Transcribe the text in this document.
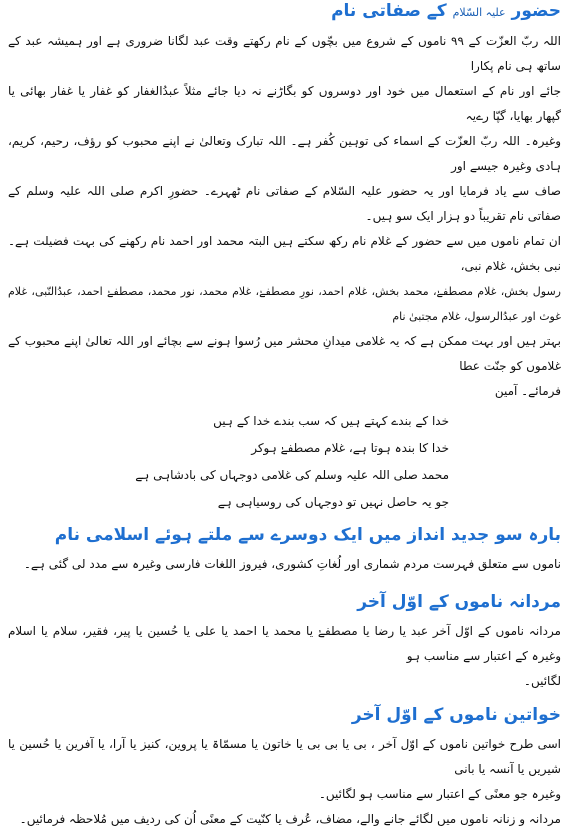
حضور علیہ السّلام کے صفاتی نام

اللہ ربّ العزّت کے ۹۹ ناموں کے شروع میں بچّوں کے نام رکھتے وقت عبد لگانا ضروری ہے اور ہمیشہ عبد کے ساتھ ہی نام پکارا

جائے اور نام کے استعمال میں خود اور دوسروں کو بگاڑنے نہ دیا جائے مثلاً عبدُالغفار کو غفار یا غفار بھائی یا گپھار بھایا، گپّا رےیہ

وغیرہ۔ اللہ ربّ العزّت کے اسماء کی توہین کُفر ہے۔ اللہ تبارک وتعالیٰ نے اپنے محبوب کو رؤف، رحیم، کریم، ہادی وغیرہ جیسے اور

صاف سے یاد فرمایا اور یہ حضور علیہ السّلام کے صفاتی نام ٹھہرے۔ حضورِ اکرم صلی اللہ علیہ وسلم کے صفاتی نام تقریباً دو ہزار ایک سو ہیں۔

ان تمام ناموں میں سے حضور کے غلام نام رکھ سکتے ہیں البتہ محمد اور احمد نام رکھنے کی بہت فضیلت ہے۔ نبی بخش، غلام نبی،

رسول بخش، غلام مصطفےٰ، محمد بخش، غلام احمد، نورِ مصطفےٰ، غلام محمد، نور محمد، مصطفےٰ احمد، عبدُالنّبی، غلام غوث اور عبدُالرسول، غلام مجتبیٰ نام

بہتر ہیں اور بہت ممکن ہے کہ یہ غلامی میدانِ محشر میں رُسوا ہونے سے بچائے اور اللہ تعالیٰ اپنے محبوب کے غلاموں کو جنّت عطا

فرمائے۔ آمین

خدا کے بندے کہتے ہیں کہ سب بندے خدا کے ہیں

خدا کا بندہ ہوتا ہے، غلام مصطفےٰ ہوکر

محمد صلی اللہ علیہ وسلم کی غلامی دوجہاں کی بادشاہی ہے

جو یہ حاصل نہیں تو دوجہاں کی روسیاہی ہے

بارہ سو جدید انداز میں ایک دوسرے سے ملتے ہوئے اسلامی نام

ناموں سے متعلق فہرست مردم شماری اور لُغاتِ کشوری، فیروز اللغات فارسی وغیرہ سے مدد لی گئی ہے۔

مردانہ ناموں کے اوّل آخر

مردانہ ناموں کے اوّل آخر عبد یا رضا یا مصطفےٰ یا محمد یا احمد یا علی یا حُسین یا پیر، فقیر، سلام یا اسلام وغیرہ کے اعتبار سے مناسب ہو

لگائیں۔

خواتین ناموں کے اوّل آخر

اسی طرح خواتین ناموں کے اوّل آخر ، بی یا بی بی یا خاتون یا مسمّاۃ یا پروین، کنیز یا آرا، یا آفرین یا حُسین یا شیریں یا آنسہ یا بانی

وغیرہ جو معنًی کے اعتبار سے مناسب ہو لگائیں۔

مردانہ و زنانہ ناموں میں لگائے جانے والے، مضاف، عُرف یا کنّیت کے معنًی اُن کی ردیف میں مُلاحظہ فرمائیں۔
